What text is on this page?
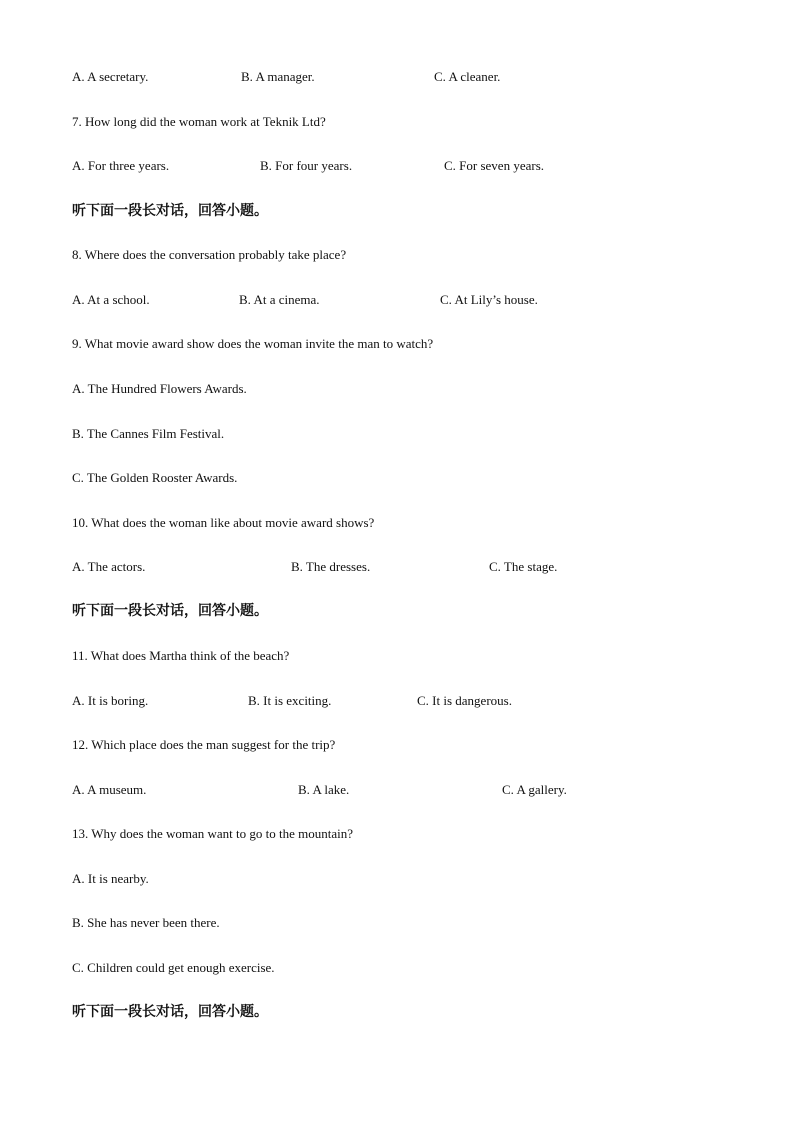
A. A secretary.	B. A manager.	C. A cleaner.
7. How long did the woman work at Teknik Ltd?
A. For three years.	B. For four years.	C. For seven years.
听下面一段长对话，回答小题。
8. Where does the conversation probably take place?
A. At a school.	B. At a cinema.	C. At Lily’s house.
9. What movie award show does the woman invite the man to watch?
A. The Hundred Flowers Awards.
B. The Cannes Film Festival.
C. The Golden Rooster Awards.
10. What does the woman like about movie award shows?
A. The actors.	B. The dresses.	C. The stage.
听下面一段长对话，回答小题。
11. What does Martha think of the beach?
A. It is boring.	B. It is exciting.	C. It is dangerous.
12. Which place does the man suggest for the trip?
A. A museum.	B. A lake.	C. A gallery.
13. Why does the woman want to go to the mountain?
A. It is nearby.
B. She has never been there.
C. Children could get enough exercise.
听下面一段长对话，回答小题。
